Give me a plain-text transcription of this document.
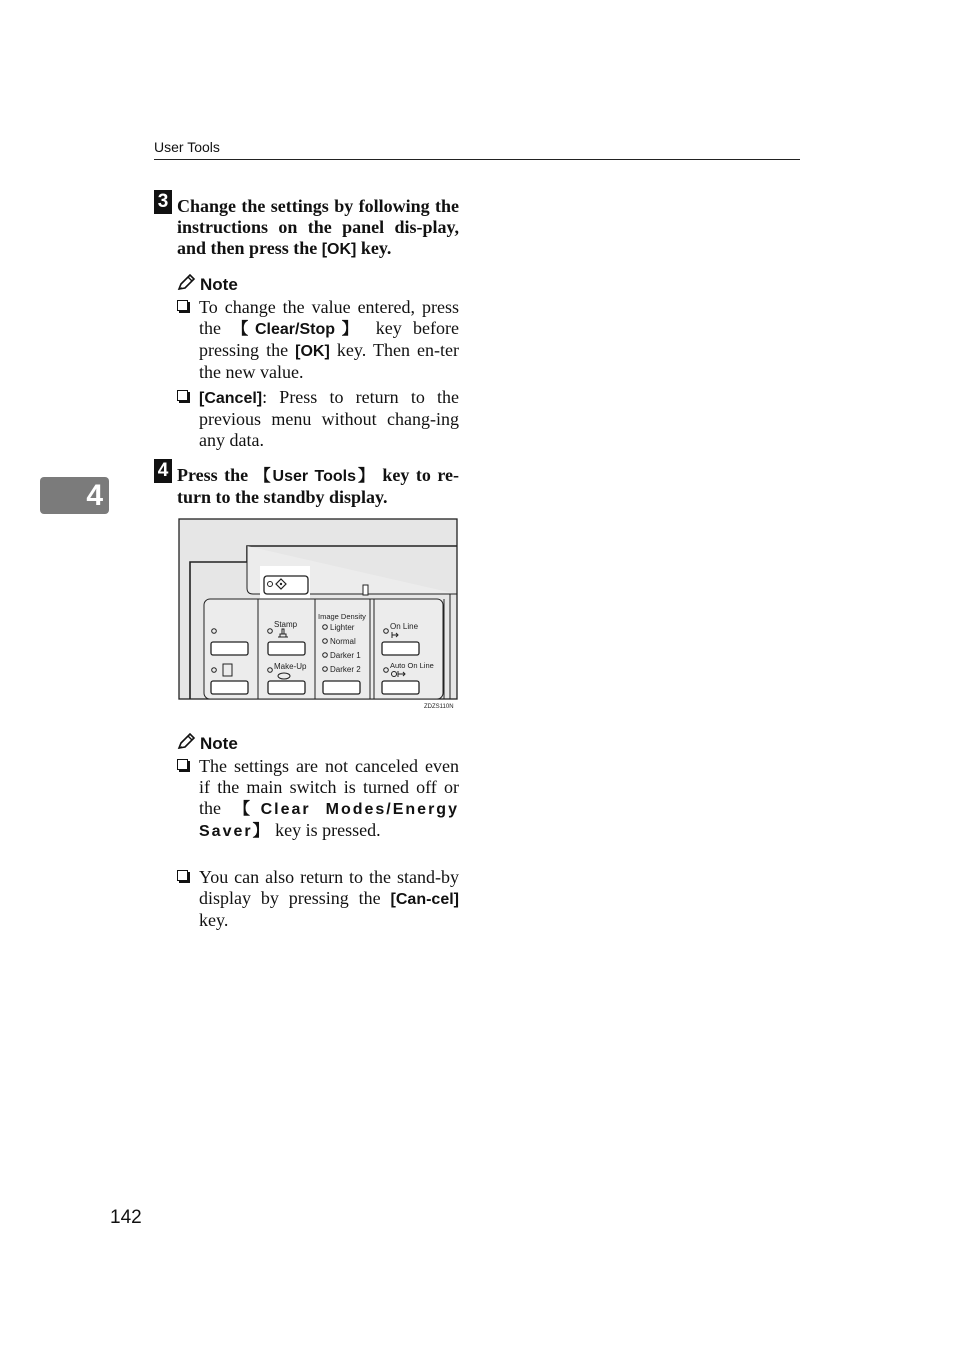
User Tools
4
3 Change the settings by following the instructions on the panel dis-play, and then press the [OK] key.
Note
To change the value entered, press the 【Clear/Stop】 key before pressing the [OK] key. Then en-ter the new value.
[Cancel]: Press to return to the previous menu without chang-ing any data.
4 Press the 【User Tools】 key to re-turn to the standby display.
Stamp
Make-Up
Image Density
Lighter
Normal
Darker 1
Darker 2
On Line
Auto On Line
ZDZS110N
Note
The settings are not canceled even if the main switch is turned off or the 【Clear Modes/Energy Saver】 key is pressed.
You can also return to the stand-by display by pressing the [Can-cel] key.
142
